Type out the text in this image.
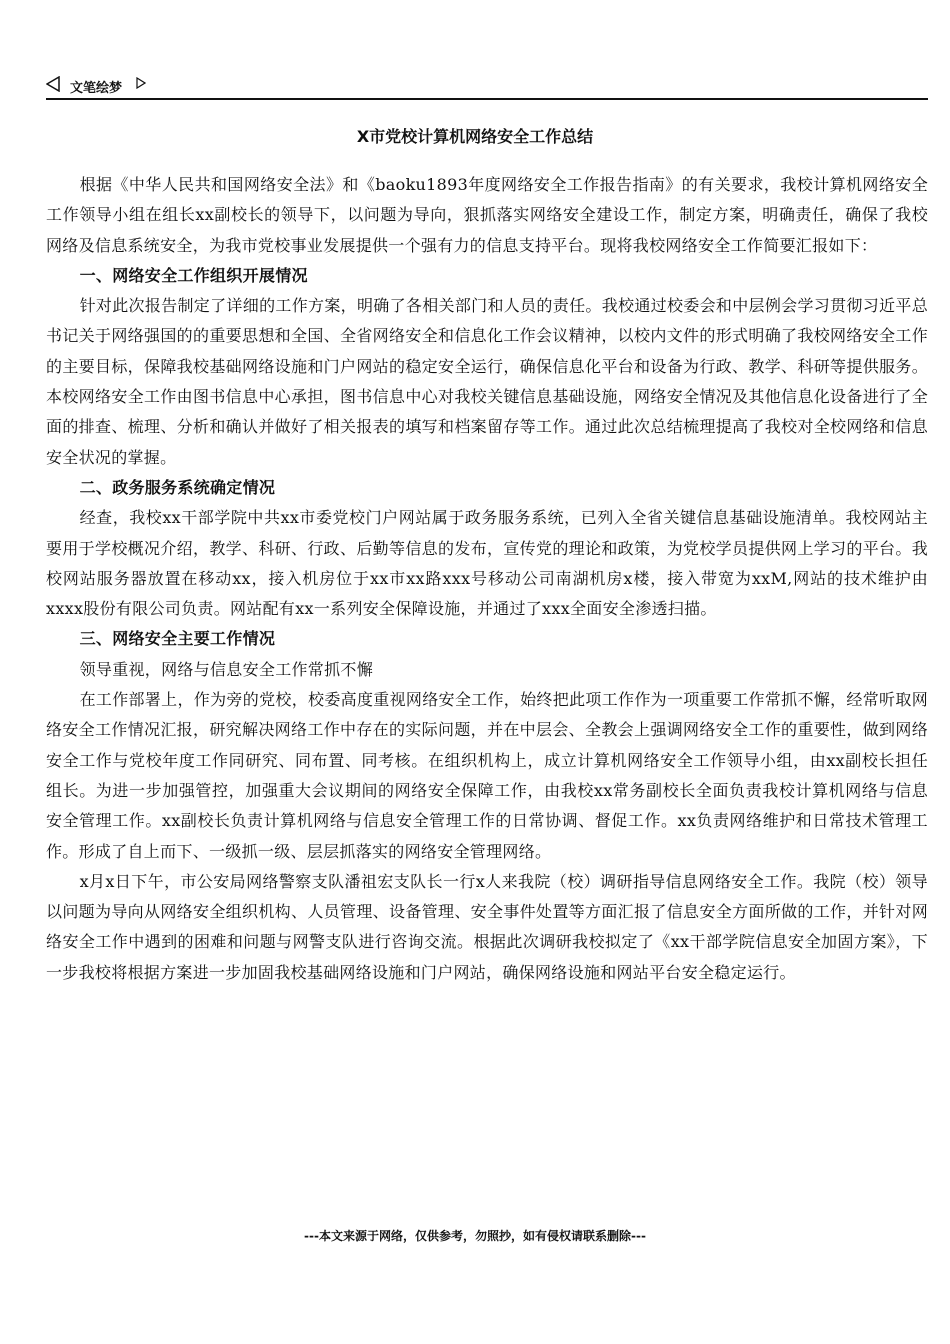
文笔绘梦
X市党校计算机网络安全工作总结

根据《中华人民共和国网络安全法》和《baoku1893年度网络安全工作报告指南》的有关要求，我校计算机网络安全工作领导小组在组长xx副校长的领导下，以问题为导向，狠抓落实网络安全建设工作，制定方案，明确责任，确保了我校网络及信息系统安全，为我市党校事业发展提供一个强有力的信息支持平台。现将我校网络安全工作简要汇报如下：

一、网络安全工作组织开展情况

针对此次报告制定了详细的工作方案，明确了各相关部门和人员的责任。我校通过校委会和中层例会学习贯彻习近平总书记关于网络强国的的重要思想和全国、全省网络安全和信息化工作会议精神，以校内文件的形式明确了我校网络安全工作的主要目标，保障我校基础网络设施和门户网站的稳定安全运行，确保信息化平台和设备为行政、教学、科研等提供服务。本校网络安全工作由图书信息中心承担，图书信息中心对我校关键信息基础设施，网络安全情况及其他信息化设备进行了全面的排查、梳理、分析和确认并做好了相关报表的填写和档案留存等工作。通过此次总结梳理提高了我校对全校网络和信息安全状况的掌握。

二、政务服务系统确定情况

经查，我校xx干部学院中共xx市委党校门户网站属于政务服务系统，已列入全省关键信息基础设施清单。我校网站主要用于学校概况介绍，教学、科研、行政、后勤等信息的发布，宣传党的理论和政策，为党校学员提供网上学习的平台。我校网站服务器放置在移动xx，接入机房位于xx市xx路xxx号移动公司南湖机房x楼，接入带宽为xxM,网站的技术维护由xxxx股份有限公司负责。网站配有xx一系列安全保障设施，并通过了xxx全面安全渗透扫描。

三、网络安全主要工作情况

领导重视，网络与信息安全工作常抓不懈

在工作部署上，作为旁的党校，校委高度重视网络安全工作，始终把此项工作作为一项重要工作常抓不懈，经常听取网络安全工作情况汇报，研究解决网络工作中存在的实际问题，并在中层会、全教会上强调网络安全工作的重要性，做到网络安全工作与党校年度工作同研究、同布置、同考核。在组织机构上，成立计算机网络安全工作领导小组，由xx副校长担任组长。为进一步加强管控，加强重大会议期间的网络安全保障工作，由我校xx常务副校长全面负责我校计算机网络与信息安全管理工作。xx副校长负责计算机网络与信息安全管理工作的日常协调、督促工作。xx负责网络维护和日常技术管理工作。形成了自上而下、一级抓一级、层层抓落实的网络安全管理网络。

x月x日下午，市公安局网络警察支队潘祖宏支队长一行x人来我院（校）调研指导信息网络安全工作。我院（校）领导以问题为导向从网络安全组织机构、人员管理、设备管理、安全事件处置等方面汇报了信息安全方面所做的工作，并针对网络安全工作中遇到的困难和问题与网警支队进行咨询交流。根据此次调研我校拟定了《xx干部学院信息安全加固方案》，下一步我校将根据方案进一步加固我校基础网络设施和门户网站，确保网络设施和网站平台安全稳定运行。

---本文来源于网络，仅供参考，勿照抄，如有侵权请联系删除---
